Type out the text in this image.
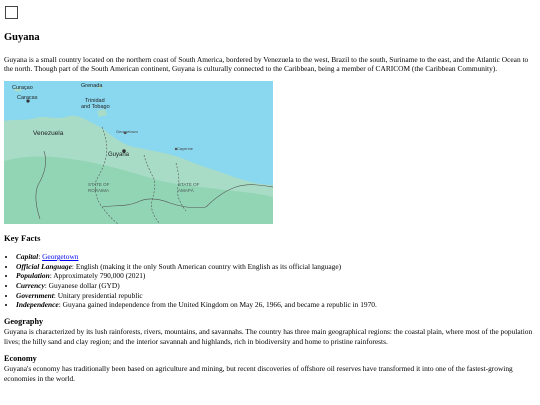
Guyana

Guyana is a small country located on the northern coast of South America, bordered by Venezuela to the west, Brazil to the south, Suriname to the east, and the Atlantic Ocean to the north. Though part of the South American continent, Guyana is culturally connected to the Caribbean, being a member of CARICOM (the Caribbean Community).

Curaçao	Grenada
Caracas	Trinidad
and Tobago
Venezuela	Georgetown
Guyana
Cayenne
STATE OF
RORAIMA
STATE OF
AMAPÁ
Key Facts
• Capital: Georgetown
• Official Language: English (making it the only South American country with English as its official language)
• Population: Approximately 790,000 (2021)
• Currency: Guyanese dollar (GYD)
• Government: Unitary presidential republic
• Independence: Guyana gained independence from the United Kingdom on May 26, 1966, and became a republic in 1970.
Geography

Guyana is characterized by its lush rainforests, rivers, mountains, and savannahs. The country has three main geographical regions: the coastal plain, where most of the population lives; the hilly sand and clay region; and the interior savannah and highlands, rich in biodiversity and home to pristine rainforests.

Economy

Guyana's economy has traditionally been based on agriculture and mining, but recent discoveries of offshore oil reserves have transformed it into one of the fastest-growing economies in the world.
